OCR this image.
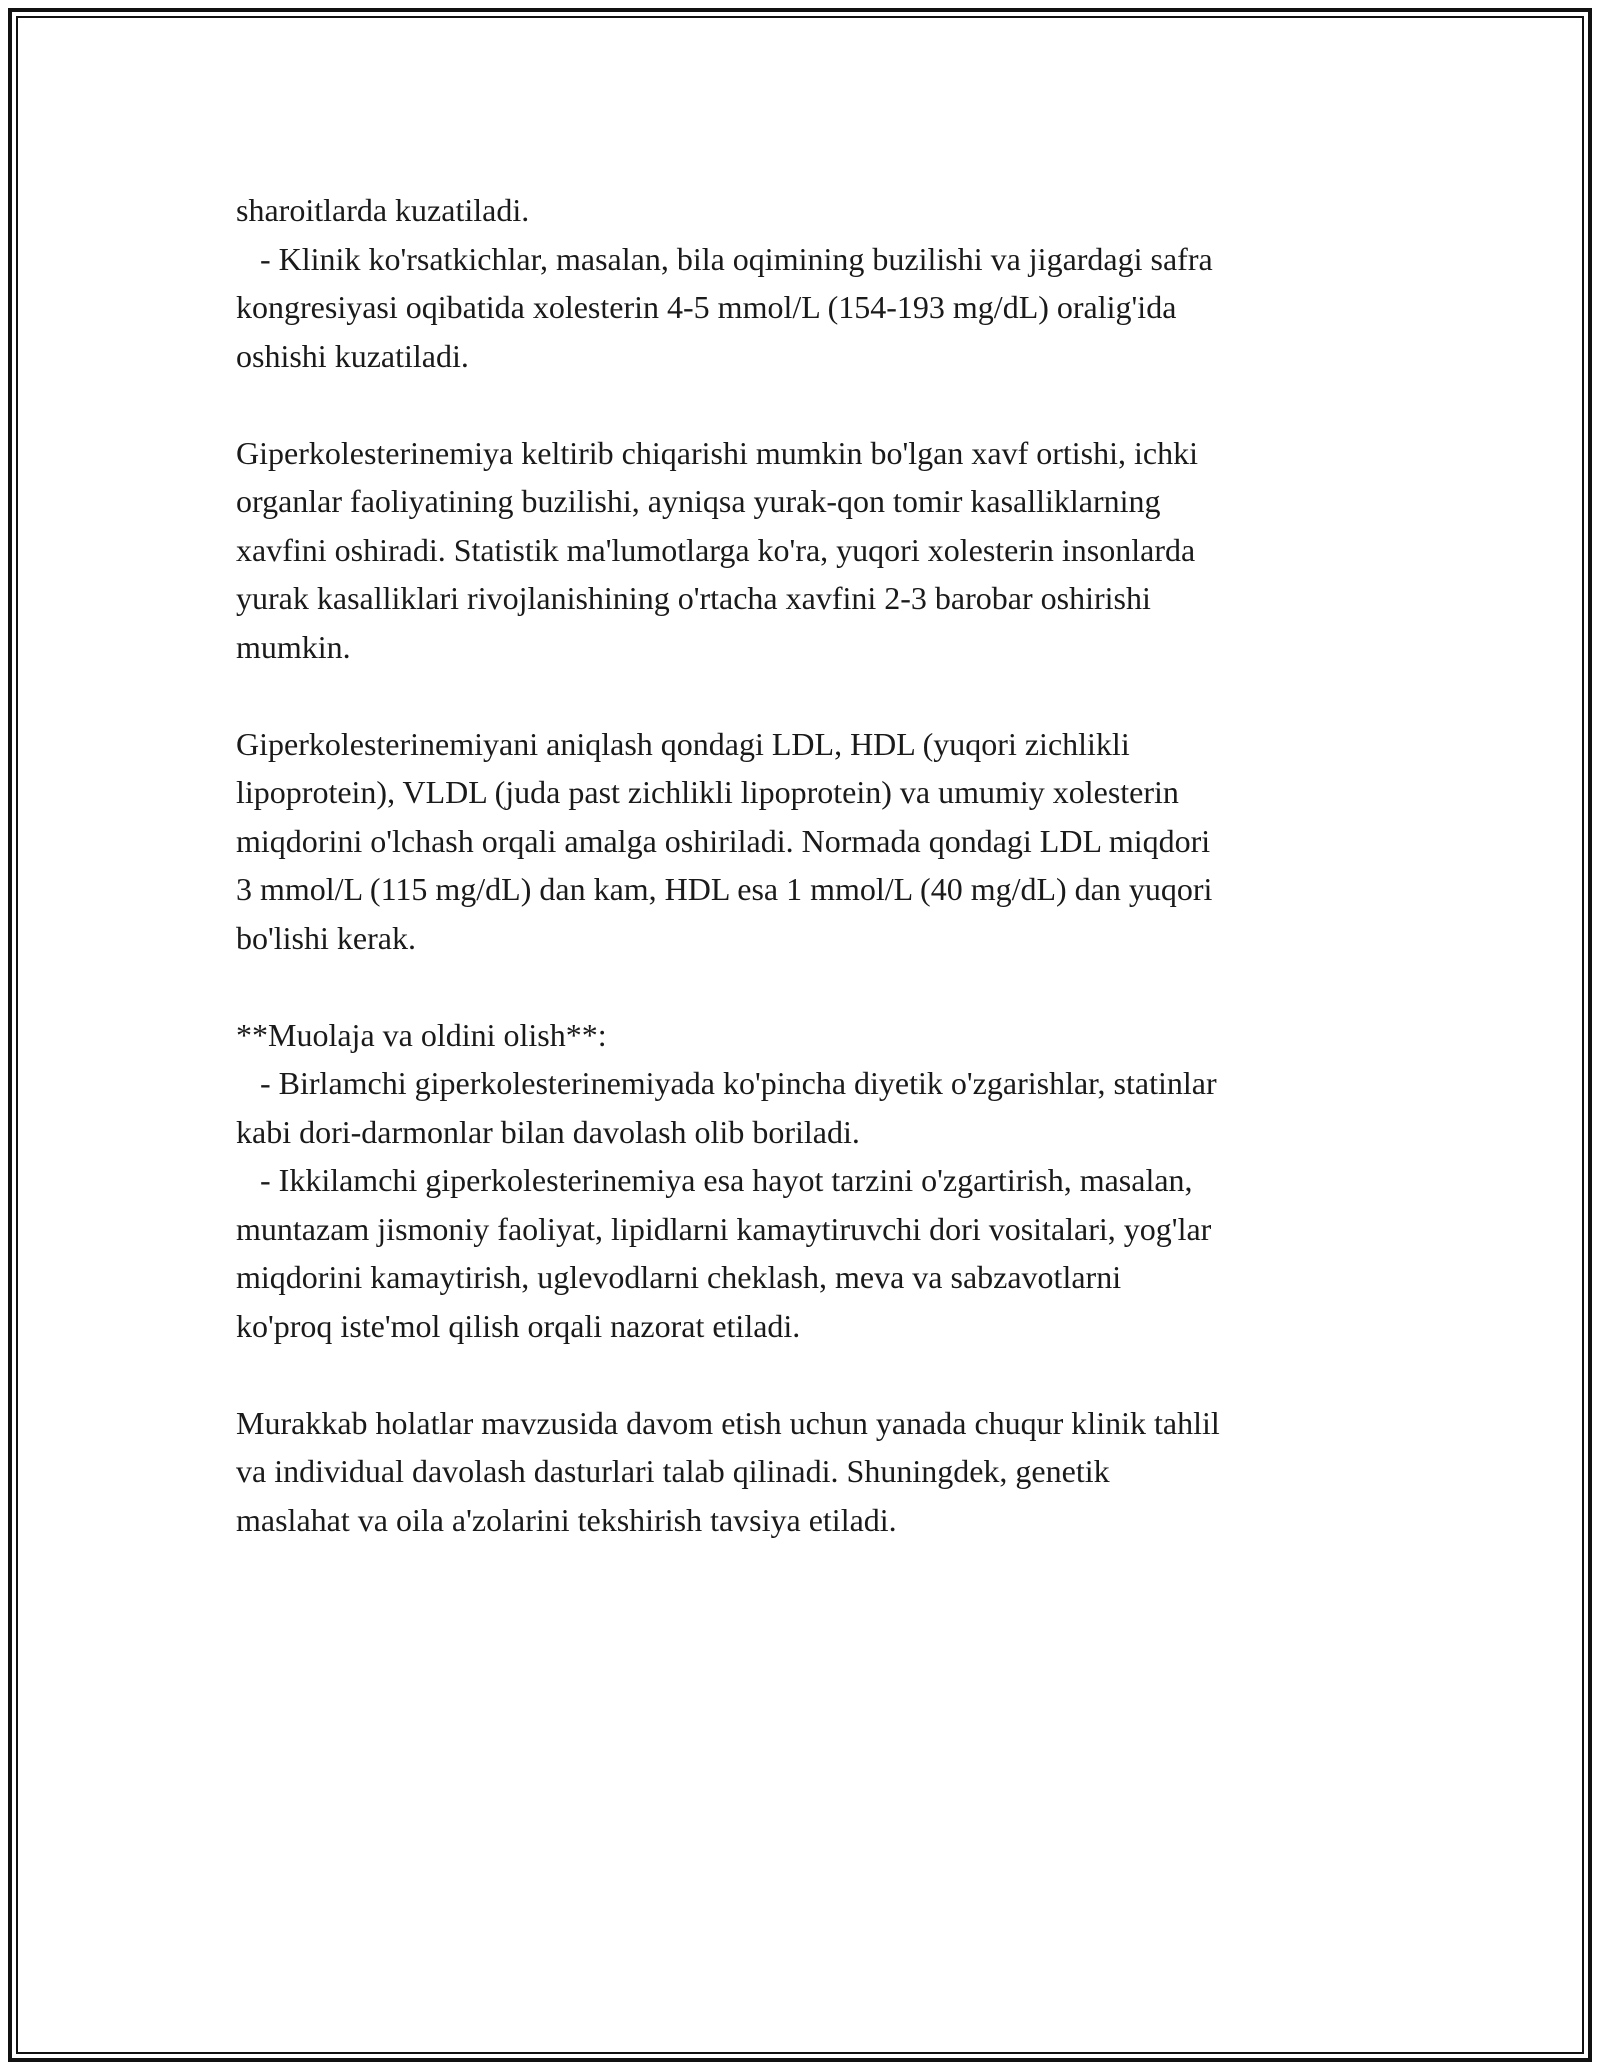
sharoitlarda kuzatiladi.
- Klinik ko'rsatkichlar, masalan, bila oqimining buzilishi va jigardagi safra
kongresiyasi oqibatida xolesterin 4-5 mmol/L (154-193 mg/dL) oralig'ida
oshishi kuzatiladi.

Giperkolesterinemiya keltirib chiqarishi mumkin bo'lgan xavf ortishi, ichki
organlar faoliyatining buzilishi, ayniqsa yurak-qon tomir kasalliklarning
xavfini oshiradi. Statistik ma'lumotlarga ko'ra, yuqori xolesterin insonlarda
yurak kasalliklari rivojlanishining o'rtacha xavfini 2-3 barobar oshirishi
mumkin.

Giperkolesterinemiyani aniqlash qondagi LDL, HDL (yuqori zichlikli
lipoprotein), VLDL (juda past zichlikli lipoprotein) va umumiy xolesterin
miqdorini o'lchash orqali amalga oshiriladi. Normada qondagi LDL miqdori
3 mmol/L (115 mg/dL) dan kam, HDL esa 1 mmol/L (40 mg/dL) dan yuqori
bo'lishi kerak.

**Muolaja va oldini olish**:
- Birlamchi giperkolesterinemiyada ko'pincha diyetik o'zgarishlar, statinlar
kabi dori-darmonlar bilan davolash olib boriladi.
- Ikkilamchi giperkolesterinemiya esa hayot tarzini o'zgartirish, masalan,
muntazam jismoniy faoliyat, lipidlarni kamaytiruvchi dori vositalari, yog'lar
miqdorini kamaytirish, uglevodlarni cheklash, meva va sabzavotlarni
ko'proq iste'mol qilish orqali nazorat etiladi.

Murakkab holatlar mavzusida davom etish uchun yanada chuqur klinik tahlil
va individual davolash dasturlari talab qilinadi. Shuningdek, genetik
maslahat va oila a'zolarini tekshirish tavsiya etiladi.
